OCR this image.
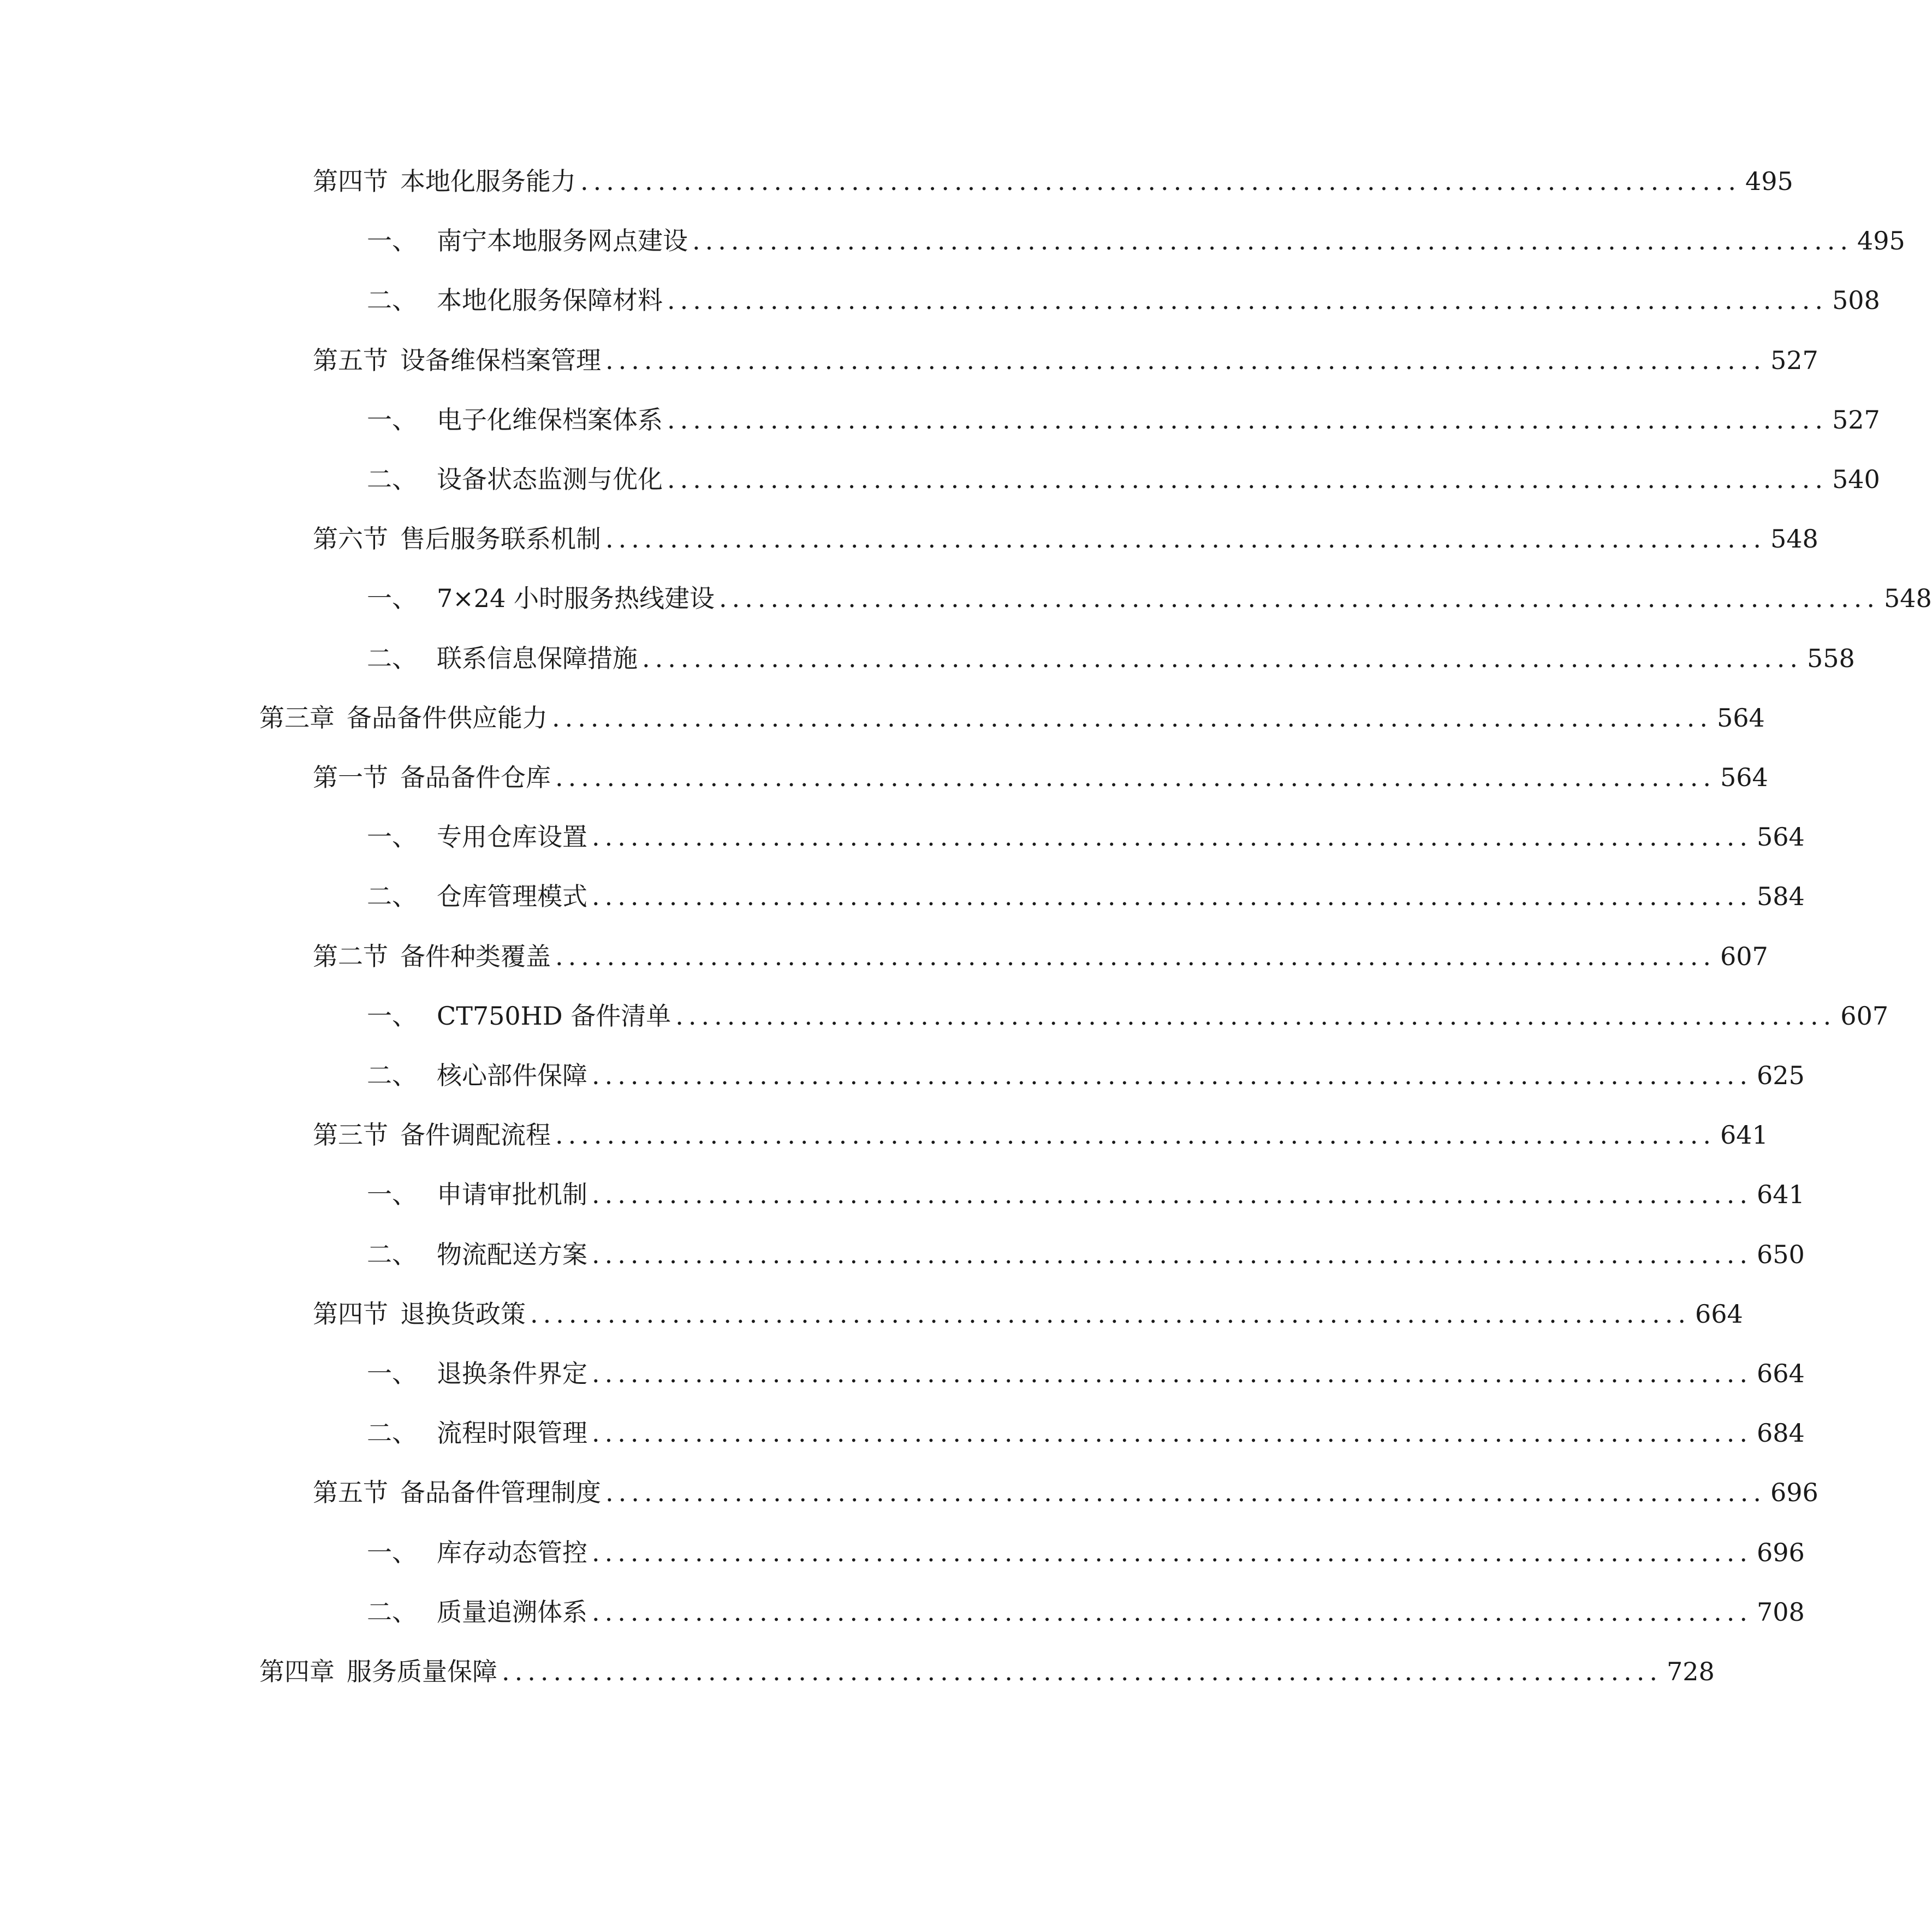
第四节 本地化服务能力 .......................................................................................... 495
一、 南宁本地服务网点建设 .......................................................................................... 495
二、 本地化服务保障材料 .......................................................................................... 508
第五节 设备维保档案管理 .......................................................................................... 527
一、 电子化维保档案体系 .......................................................................................... 527
二、 设备状态监测与优化 .......................................................................................... 540
第六节 售后服务联系机制 .......................................................................................... 548
一、 7×24 小时服务热线建设 .......................................................................................... 548
二、 联系信息保障措施 .......................................................................................... 558
第三章 备品备件供应能力 .......................................................................................... 564
第一节 备品备件仓库 .......................................................................................... 564
一、 专用仓库设置 .......................................................................................... 564
二、 仓库管理模式 .......................................................................................... 584
第二节 备件种类覆盖 .......................................................................................... 607
一、 CT750HD 备件清单 .......................................................................................... 607
二、 核心部件保障 .......................................................................................... 625
第三节 备件调配流程 .......................................................................................... 641
一、 申请审批机制 .......................................................................................... 641
二、 物流配送方案 .......................................................................................... 650
第四节 退换货政策 .......................................................................................... 664
一、 退换条件界定 .......................................................................................... 664
二、 流程时限管理 .......................................................................................... 684
第五节 备品备件管理制度 .......................................................................................... 696
一、 库存动态管控 .......................................................................................... 696
二、 质量追溯体系 .......................................................................................... 708
第四章 服务质量保障 .......................................................................................... 728
